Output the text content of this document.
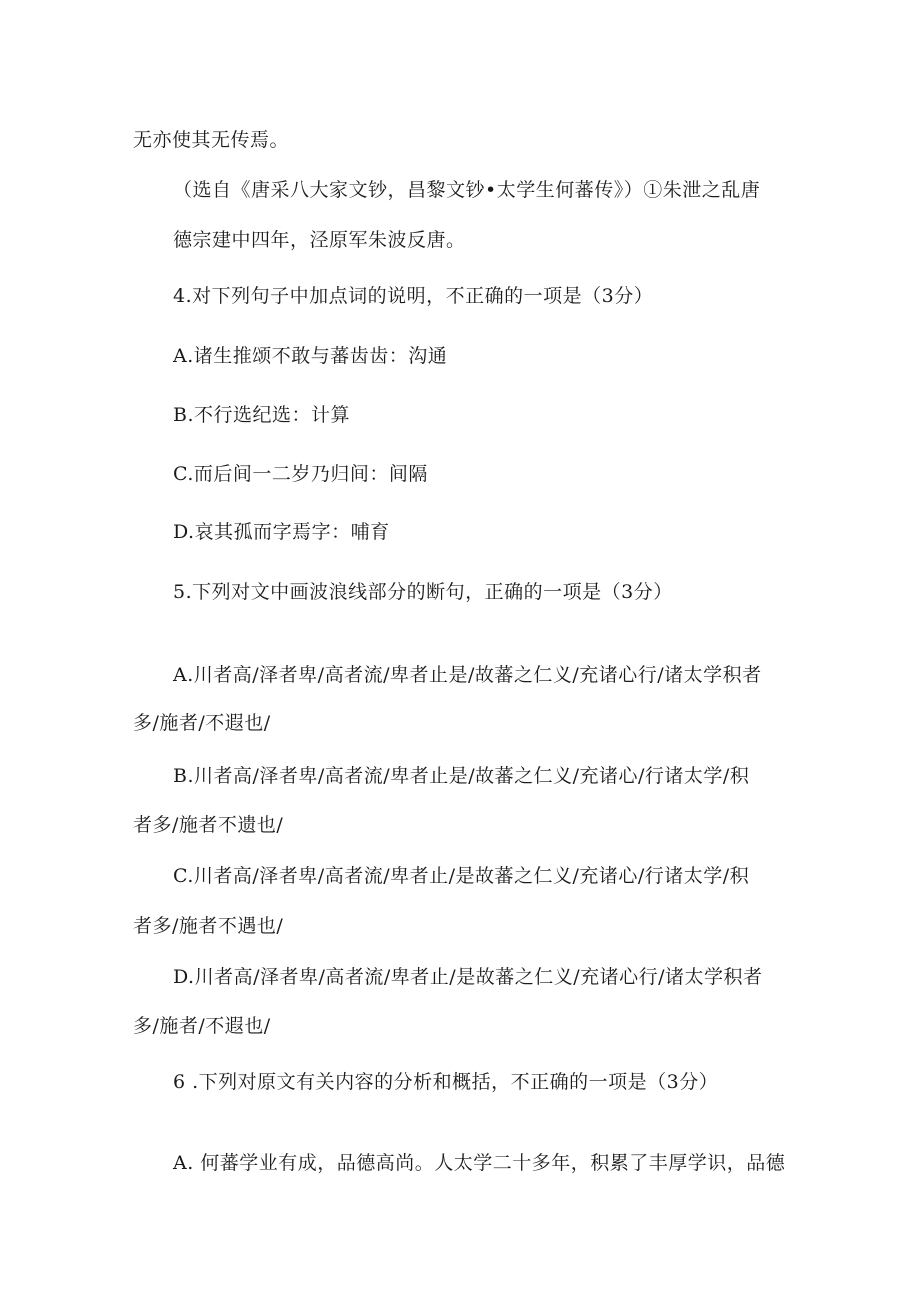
无亦使其无传焉。
（选自《唐采八大家文钞，昌黎文钞•太学生何蕃传》）①朱泄之乱唐
德宗建中四年，泾原军朱波反唐。
4.对下列句子中加点词的说明，不正确的一项是（3分）
A.诸生推颂不敢与蕃齿齿：沟通
B.不行选纪选：计算
C.而后间一二岁乃归间：间隔
D.哀其孤而字焉字：哺育
5.下列对文中画波浪线部分的断句，正确的一项是（3分）
A.川者高/泽者卑/高者流/卑者止是/故蕃之仁义/充诸心行/诸太学积者
多/施者/不遐也/
B.川者高/泽者卑/高者流/卑者止是/故蕃之仁义/充诸心/行诸太学/积
者多/施者不遗也/
C.川者高/泽者卑/高者流/卑者止/是故蕃之仁义/充诸心/行诸太学/积
者多/施者不遇也/
D.川者高/泽者卑/高者流/卑者止/是故蕃之仁义/充诸心行/诸太学积者
多/施者/不遐也/
6 .下列对原文有关内容的分析和概括，不正确的一项是（3分）
A. 何蕃学业有成，品德高尚。人太学二十多年，积累了丰厚学识，品德
